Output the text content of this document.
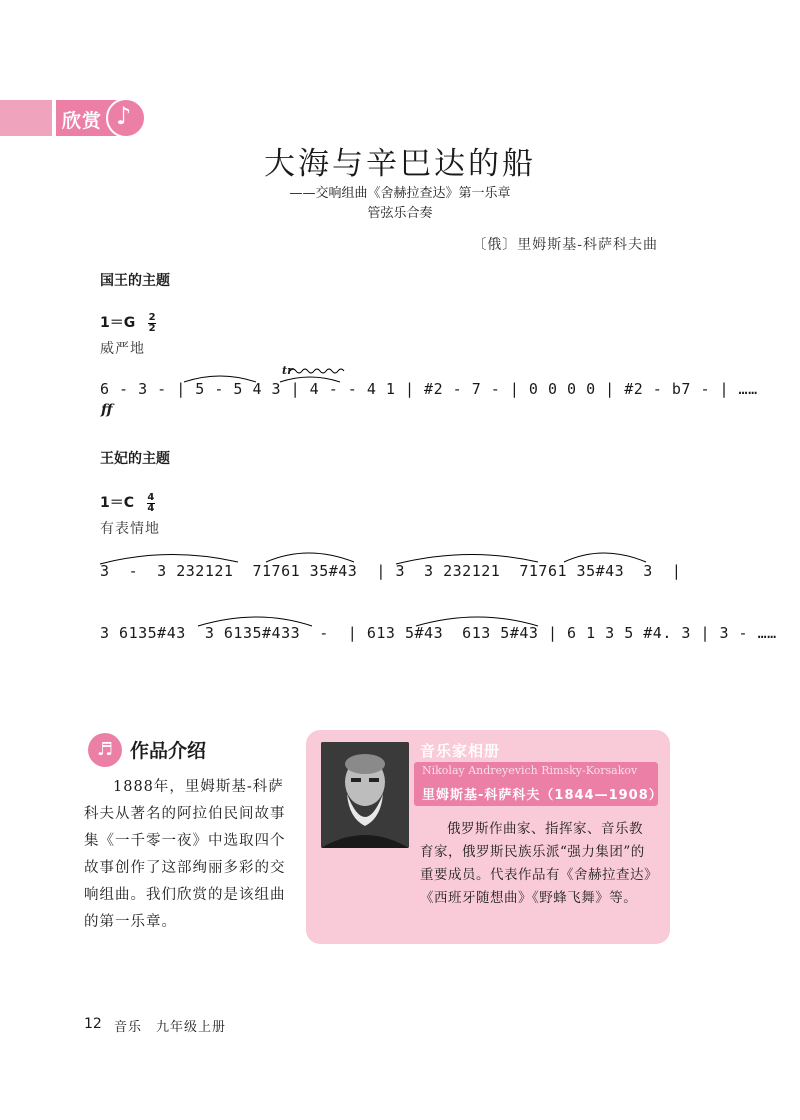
欣赏 ♪
大海与辛巴达的船
——交响组曲《舍赫拉查达》第一乐章
管弦乐合奏
〔俄〕里姆斯基-科萨科夫曲
国王的主题
$1=G \frac{2}{2}$
威严地
tr
6 - 3 - | 5 - 5 4 3 | 4 - - 4 1 | #2 - 7 - | 0 0 0 0 | #2 - b7 - | ……
ff
王妃的主题
$1=C \frac{4}{4}$
有表情地
3  -  3 232121  71761 35#43  | 3  3 232121  71761 35#43  3  |
3 6135#43  3 6135#433  -  | 613 5#43  613 5#43 | 6 1 3 5 #4. 3 | 3 - ……
♬ 作品介绍
1888年，里姆斯基-科萨科夫从著名的阿拉伯民间故事集《一千零一夜》中选取四个故事创作了这部绚丽多彩的交响组曲。我们欣赏的是该组曲的第一乐章。
音乐家相册
Nikolay Andreyevich Rimsky-Korsakov
里姆斯基-科萨科夫（1844—1908）
俄罗斯作曲家、指挥家、音乐教育家，俄罗斯民族乐派“强力集团”的重要成员。代表作品有《舍赫拉查达》《西班牙随想曲》《野蜂飞舞》等。
12 音乐　九年级上册
